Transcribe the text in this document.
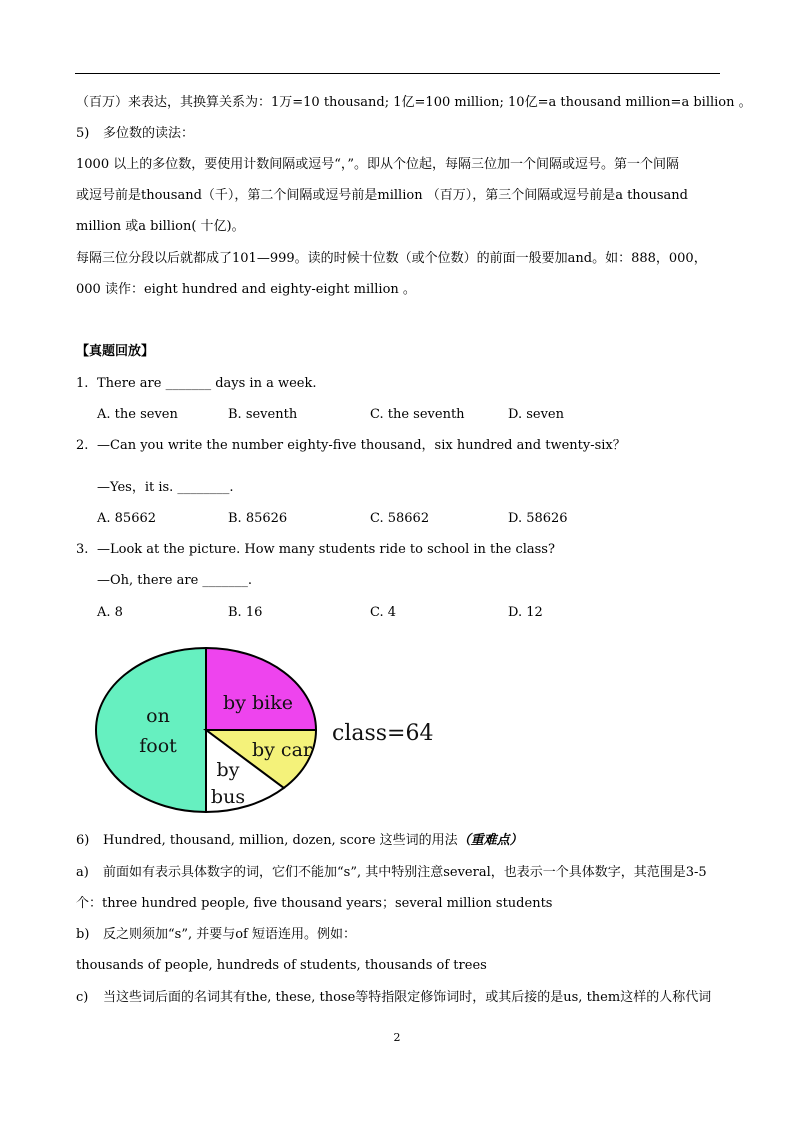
（百万）来表达，其换算关系为：1万=10 thousand; 1亿=100 million; 10亿=a thousand million=a billion 。
5) 多位数的读法：
1000 以上的多位数，要使用计数间隔或逗号“，”。即从个位起，每隔三位加一个间隔或逗号。第一个间隔
或逗号前是thousand（千），第二个间隔或逗号前是million （百万），第三个间隔或逗号前是a thousand
million 或a billion( 十亿)。
每隔三位分段以后就都成了101—999。读的时候十位数（或个位数）的前面一般要加and。如：888，000，
000 读作：eight hundred and eighty-eight million 。
【真题回放】
1. There are _______ days in a week.
A. the seven	B. seventh	C. the seventh	D. seven
2. —Can you write the number eighty-five thousand，six hundred and twenty-six？
—Yes，it is. ________.
A. 85662	B. 85626	C. 58662	D. 58626
3. —Look at the picture. How many students ride to school in the class?
—Oh, there are _______.
A. 8	B. 16	C. 4	D. 12
on
foot
by bike
by car
by
bus
class=64
6) Hundred, thousand, million, dozen, score 这些词的用法（重难点）
a) 前面如有表示具体数字的词，它们不能加“s”, 其中特别注意several，也表示一个具体数字，其范围是3-5
个：three hundred people, five thousand years；several million students
b) 反之则须加“s”, 并要与of 短语连用。例如：
thousands of people, hundreds of students, thousands of trees
c) 当这些词后面的名词其有the, these, those等特指限定修饰词时，或其后接的是us, them这样的人称代词
2
